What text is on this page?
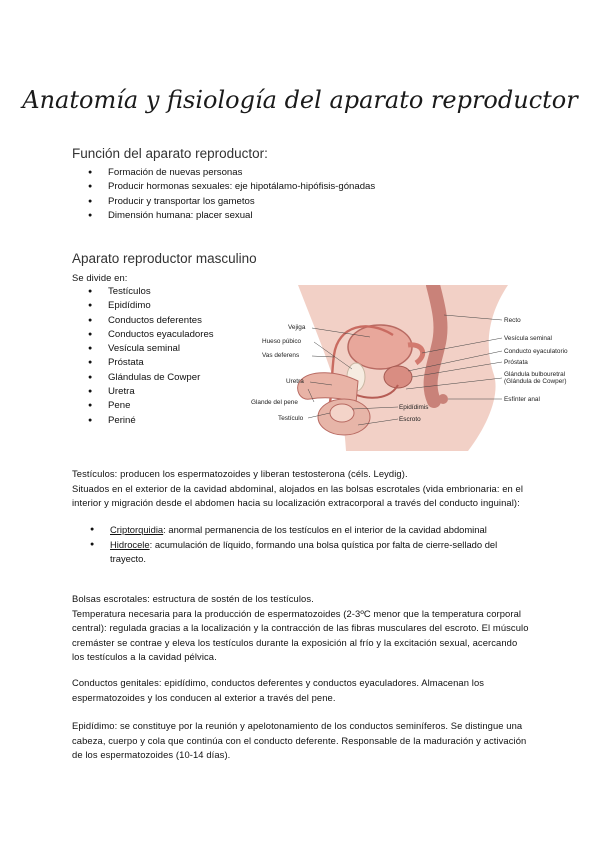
Anatomía y fisiología del aparato reproductor
Función del aparato reproductor:
● Formación de nuevas personas
● Producir hormonas sexuales: eje hipotálamo-hipófisis-gónadas
● Producir y transportar los gametos
● Dimensión humana: placer sexual
Aparato reproductor masculino
Se divide en:
● Testículos
● Epidídimo
● Conductos deferentes
● Conductos eyaculadores
● Vesícula seminal
● Próstata
● Glándulas de Cowper
● Uretra
● Pene
● Periné
Vejiga
Hueso púbico
Vas deferens
Uretra
Glande del pene
Testículo
Epidídimis
Escroto
Recto
Vesícula seminal
Conducto eyaculatorio
Próstata
Glándula bulbouretral
(Glándula de Cowper)
Esfínter anal

Testículos: producen los espermatozoides y liberan testosterona (céls. Leydig).

Situados en el exterior de la cavidad abdominal, alojados en las bolsas escrotales (vida embrionaria: en el interior y migración desde el abdomen hacia su localización extracorporal a través del conducto inguinal):

● Criptorquidia: anormal permanencia de los testículos en el interior de la cavidad abdominal
● Hidrocele: acumulación de líquido, formando una bolsa quística por falta de cierre-sellado del trayecto.

Bolsas escrotales: estructura de sostén de los testículos.

Temperatura necesaria para la producción de espermatozoides (2-3ºC menor que la temperatura corporal central): regulada gracias a la localización y la contracción de las fibras musculares del escroto. El músculo cremáster se contrae y eleva los testículos durante la exposición al frío y la excitación sexual, acercando los testículos a la cavidad pélvica.

Conductos genitales: epidídimo, conductos deferentes y conductos eyaculadores. Almacenan los espermatozoides y los conducen al exterior a través del pene.

Epidídimo: se constituye por la reunión y apelotonamiento de los conductos seminíferos. Se distingue una cabeza, cuerpo y cola que continúa con el conducto deferente. Responsable de la maduración y activación de los espermatozoides (10-14 días).
